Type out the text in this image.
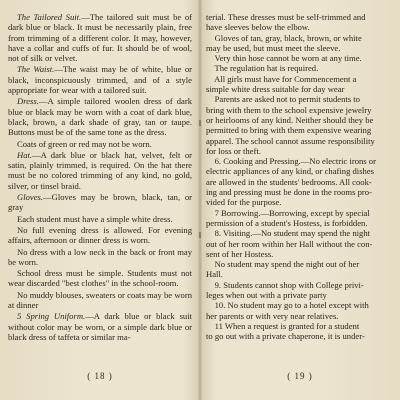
The Tailored Suit.—The tailored suit must be of dark blue or black. It must be necessarily plain, free from trimming of a different color. It may, however, have a collar and cuffs of fur. It should be of wool, not of silk or velvet.

The Waist.—The waist may be of white, blue or black, inconspicuously trimmed, and of a style appropriate for wear with a tailored suit.

Dress.—A simple tailored woolen dress of dark blue or black may be worn with a coat of dark blue, black, brown, a dark shade of gray, tan or taupe. Buttons must be of the same tone as the dress.

Coats of green or red may not be worn.

Hat.—A dark blue or black hat, velvet, felt or satin, plainly trimmed, is required. On the hat there must be no colored trimming of any kind, no gold, silver, or tinsel braid.

Gloves.—Gloves may be brown, black, tan, or gray

Each student must have a simple white dress.

No full evening dress is allowed. For evening affairs, afternoon or dinner dress is worn.

No dress with a low neck in the back or front may be worn.

School dress must be simple. Students must not wear discarded "best clothes" in the school-room.

No muddy blouses, sweaters or coats may be worn at dinner

5 Spring Uniform.—A dark blue or black suit without color may be worn, or a simple dark blue or black dress of taffeta or similar ma-

( 18 )
terial. These dresses must be self-trimmed and
have sleeves below the elbow.
Gloves of tan, gray, black, brown, or white
may be used, but must meet the sleeve.
Very thin hose cannot be worn at any time.
The regulation hat is required.
All girls must have for Commencement a
simple white dress suitable for day wear
Parents are asked not to permit students to
bring with them to the school expensive jewelry
or heirlooms of any kind. Neither should they be
permitted to bring with them expensive wearing
apparel. The school cannot assume responsibility
for loss or theft.
6. Cooking and Pressing.—No electric irons or
electric appliances of any kind, or chafing dishes
are allowed in the students' bedrooms. All cook-
ing and pressing must be done in the rooms pro-
vided for the purpose.
7 Borrowing.—Borrowing, except by special
permission of a student's Hostess, is forbidden.
8. Visiting.—No student may spend the night
out of her room within her Hall without the con-
sent of her Hostess.
No student may spend the night out of her
Hall.
9. Students cannot shop with College privi-
leges when out with a private party
10. No student may go to a hotel except with
her parents or with very near relatives.
11 When a request is granted for a student
to go out with a private chaperone, it is under-
( 19 )
